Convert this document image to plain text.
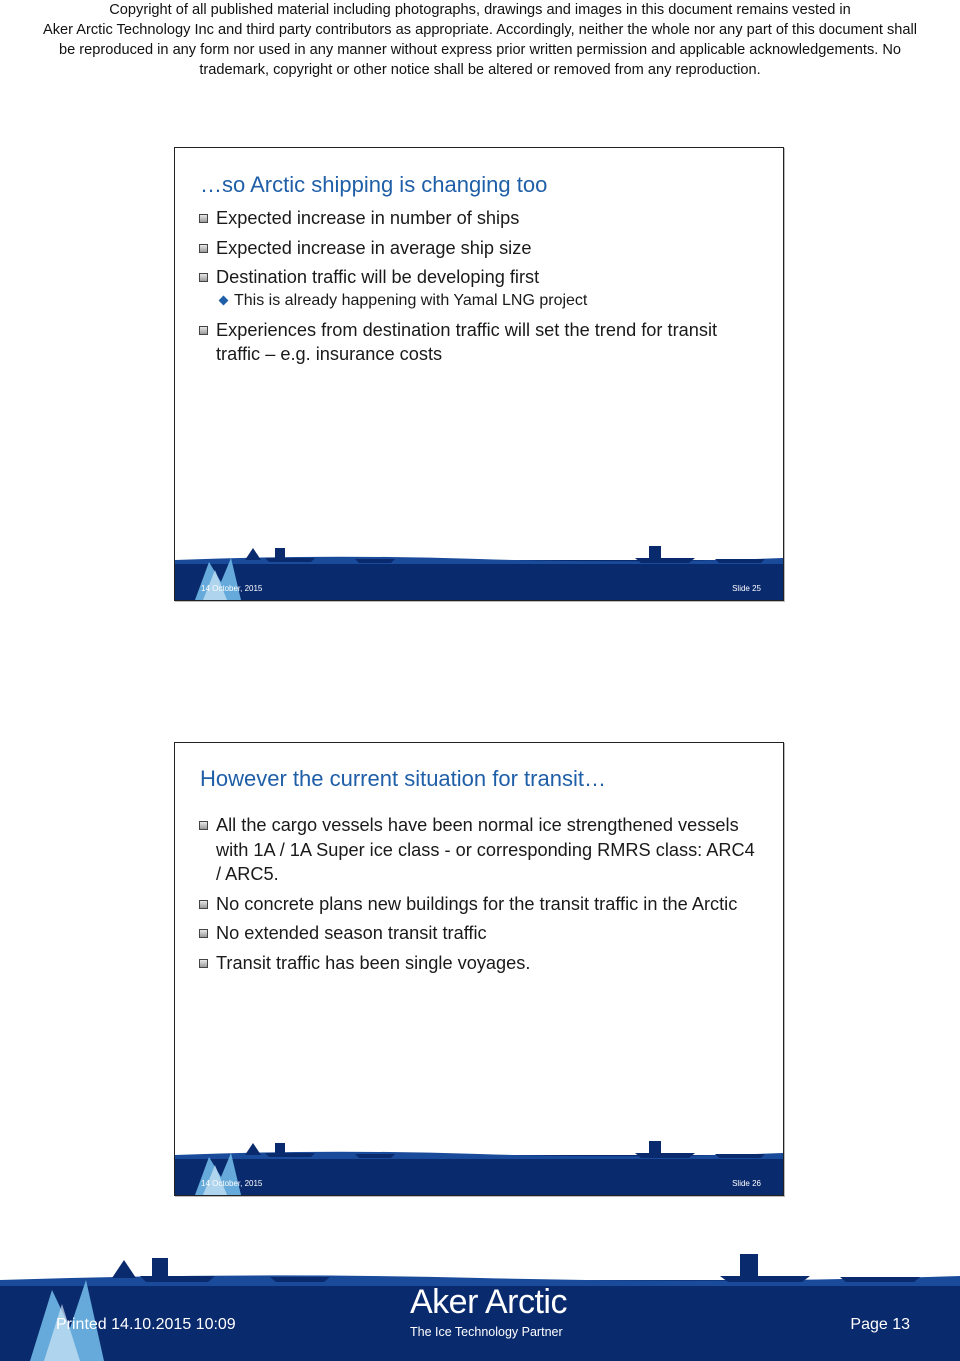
Copyright of all published material including photographs, drawings and images in this document remains vested in
Aker Arctic Technology Inc and third party contributors as appropriate. Accordingly, neither the whole nor any part of this document shall
be reproduced in any form nor used in any manner without express prior written permission and applicable acknowledgements. No
trademark, copyright or other notice shall be altered or removed from any reproduction.
…so Arctic shipping is changing too
Expected increase in number of ships
Expected increase in average ship size
Destination traffic will be developing first
This is already happening with Yamal LNG project
Experiences from destination traffic will set the trend for transit traffic – e.g. insurance costs
14 October, 2015	Slide 25
However the current situation for transit…
All the cargo vessels have been normal ice strengthened vessels with 1A / 1A Super ice class - or corresponding RMRS class: ARC4 / ARC5.
No concrete plans new buildings for the transit traffic in the Arctic
No extended season transit traffic
Transit traffic has been single voyages.
14 October, 2015	Slide 26
Printed 14.10.2015 10:09
Aker Arctic
The Ice Technology Partner	Page 13
